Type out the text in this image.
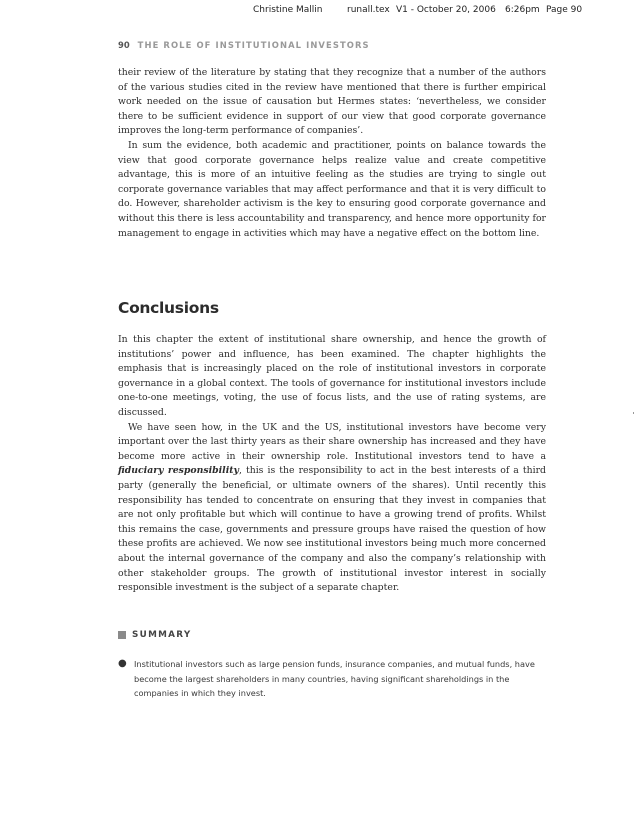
Christine Mallin	runall.tex V1 - October 20, 2006 6:26pm Page 90
90 THE ROLE OF INSTITUTIONAL INVESTORS

their review of the literature by stating that they recognize that a number of the authors of the various studies cited in the review have mentioned that there is further empirical work needed on the issue of causation but Hermes states: ‘nevertheless, we consider there to be sufficient evidence in support of our view that good corporate governance improves the long-term performance of companies’.

In sum the evidence, both academic and practitioner, points on balance towards the view that good corporate governance helps realize value and create competitive advantage, this is more of an intuitive feeling as the studies are trying to single out corporate governance variables that may affect performance and that it is very difficult to do. However, shareholder activism is the key to ensuring good corporate governance and without this there is less accountability and transparency, and hence more opportunity for management to engage in activities which may have a negative effect on the bottom line.

Conclusions

In this chapter the extent of institutional share ownership, and hence the growth of institutions’ power and influence, has been examined. The chapter highlights the emphasis that is increasingly placed on the role of institutional investors in corporate governance in a global context. The tools of governance for institutional investors include one-to-one meetings, voting, the use of focus lists, and the use of rating systems, are discussed.

We have seen how, in the UK and the US, institutional investors have become very important over the last thirty years as their share ownership has increased and they have become more active in their ownership role. Institutional investors tend to have a fiduciary responsibility, this is the responsibility to act in the best interests of a third party (generally the beneficial, or ultimate owners of the shares). Until recently this responsibility has tended to concentrate on ensuring that they invest in companies that are not only profitable but which will continue to have a growing trend of profits. Whilst this remains the case, governments and pressure groups have raised the question of how these profits are achieved. We now see institutional investors being much more concerned about the internal governance of the company and also the company’s relationship with other stakeholder groups. The growth of institutional investor interest in socially responsible investment is the subject of a separate chapter.

SUMMARY
● Institutional investors such as large pension funds, insurance companies, and mutual funds, have become the largest shareholders in many countries, having significant shareholdings in the companies in which they invest.
